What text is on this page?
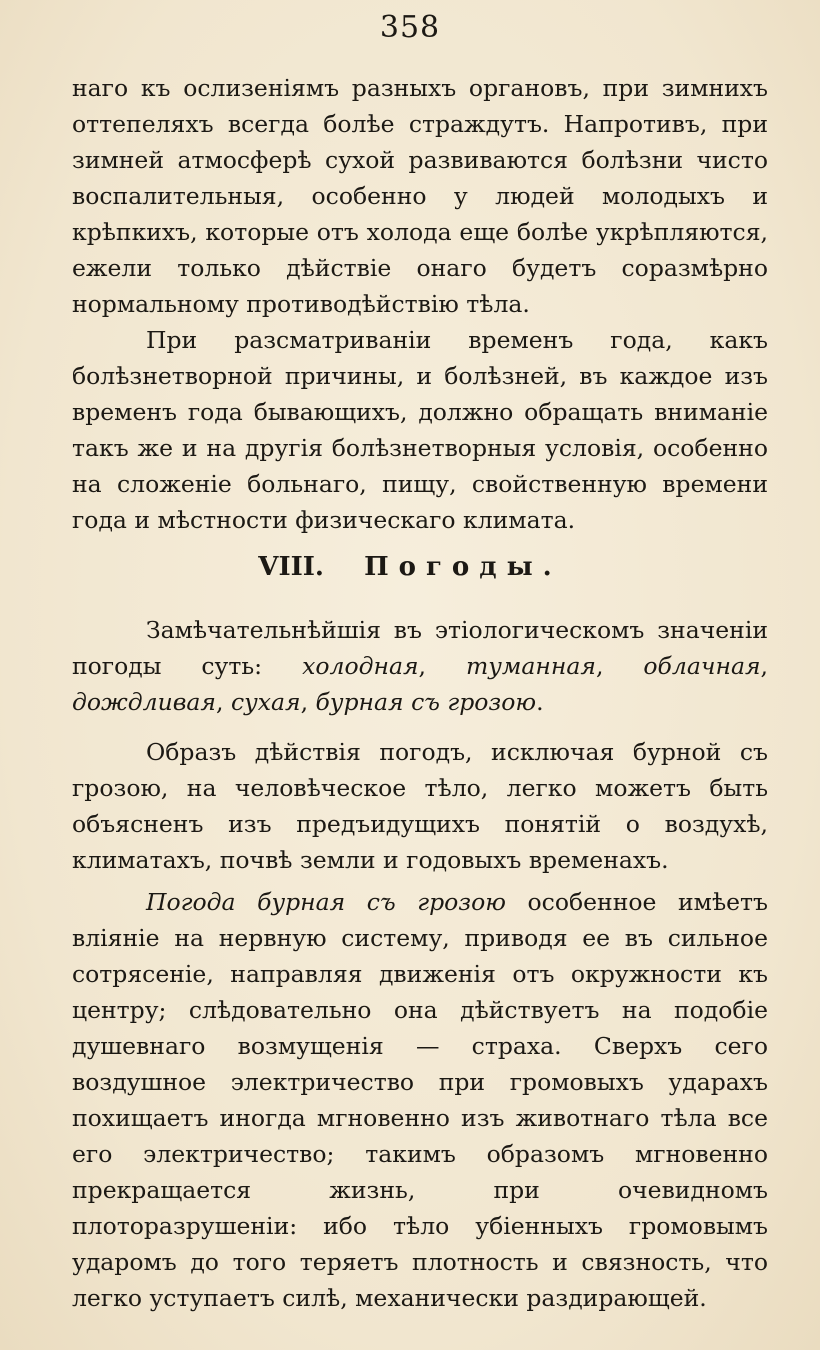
358

наго къ ослизеніямъ разныхъ органовъ, при зимнихъ оттепеляхъ всегда болѣе страждутъ. Напротивъ, при зимней атмосферѣ сухой развиваются болѣзни чисто воспалительныя, особенно у людей молодыхъ и крѣпкихъ, которые отъ холода еще болѣе укрѣпляются, ежели только дѣйствіе онаго будетъ соразмѣрно нормальному противодѣйствію тѣла.

При разсматриваніи временъ года, какъ болѣзнетворной причины, и болѣзней, въ каждое изъ временъ года бывающихъ, должно обращать вниманіе такъ же и на другія болѣзнетворныя условія, особенно на сложеніе больнаго, пищу, свойственную времени года и мѣстности физическаго климата.

VIII. Погоды.

Замѣчательнѣйшія въ этіологическомъ значеніи погоды суть: холодная, туманная, облачная, дождливая, сухая, бурная съ грозою.

Образъ дѣйствія погодъ, исключая бурной съ грозою, на человѣческое тѣло, легко можетъ быть объясненъ изъ предъидущихъ понятій о воздухѣ, климатахъ, почвѣ земли и годовыхъ временахъ.

Погода бурная съ грозою особенное имѣетъ вліяніе на нервную систему, приводя ее въ сильное сотрясеніе, направляя движенія отъ окружности къ центру; слѣдовательно она дѣйствуетъ на подобіе душевнаго возмущенія — страха. Сверхъ сего воздушное электричество при громовыхъ ударахъ похищаетъ иногда мгновенно изъ животнаго тѣла все его электричество; такимъ образомъ мгновенно прекращается жизнь, при очевидномъ плоторазрушеніи: ибо тѣло убіенныхъ громовымъ ударомъ до того теряетъ плотность и связность, что легко уступаетъ силѣ, механически раздирающей.
